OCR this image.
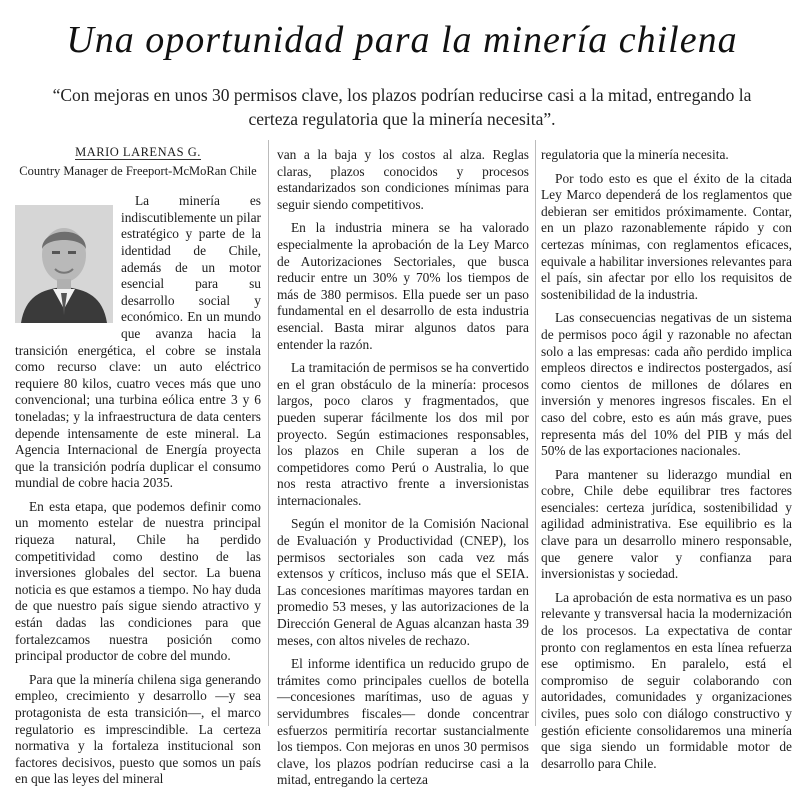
Una oportunidad para la minería chilena
“Con mejoras en unos 30 permisos clave, los plazos podrían reducirse casi a la mitad, entregando la certeza regulatoria que la minería necesita”.
MARIO LARENAS G.
Country Manager de Freeport-McMoRan Chile

La minería es indiscutiblemente un pilar estratégico y parte de la identidad de Chile, además de un motor esencial para su desarrollo social y económico. En un mundo que avanza hacia la transición energética, el cobre se instala como recurso clave: un auto eléctrico requiere 80 kilos, cuatro veces más que uno convencional; una turbina eólica entre 3 y 6 toneladas; y la infraestructura de data centers depende intensamente de este mineral. La Agencia Internacional de Energía proyecta que la transición podría duplicar el consumo mundial de cobre hacia 2035.

En esta etapa, que podemos definir como un momento estelar de nuestra principal riqueza natural, Chile ha perdido competitividad como destino de las inversiones globales del sector. La buena noticia es que estamos a tiempo. No hay duda de que nuestro país sigue siendo atractivo y están dadas las condiciones para que fortalezcamos nuestra posición como principal productor de cobre del mundo.

Para que la minería chilena siga generando empleo, crecimiento y desarrollo —y sea protagonista de esta transición—, el marco regulatorio es imprescindible. La certeza normativa y la fortaleza institucional son factores decisivos, puesto que somos un país en que las leyes del mineral

van a la baja y los costos al alza. Reglas claras, plazos conocidos y procesos estandarizados son condiciones mínimas para seguir siendo competitivos.

En la industria minera se ha valorado especialmente la aprobación de la Ley Marco de Autorizaciones Sectoriales, que busca reducir entre un 30% y 70% los tiempos de más de 380 permisos. Ella puede ser un paso fundamental en el desarrollo de esta industria esencial. Basta mirar algunos datos para entender la razón.

La tramitación de permisos se ha convertido en el gran obstáculo de la minería: procesos largos, poco claros y fragmentados, que pueden superar fácilmente los dos mil por proyecto. Según estimaciones responsables, los plazos en Chile superan a los de competidores como Perú o Australia, lo que nos resta atractivo frente a inversionistas internacionales.

Según el monitor de la Comisión Nacional de Evaluación y Productividad (CNEP), los permisos sectoriales son cada vez más extensos y críticos, incluso más que el SEIA. Las concesiones marítimas mayores tardan en promedio 53 meses, y las autorizaciones de la Dirección General de Aguas alcanzan hasta 39 meses, con altos niveles de rechazo.

El informe identifica un reducido grupo de trámites como principales cuellos de botella —concesiones marítimas, uso de aguas y servidumbres fiscales— donde concentrar esfuerzos permitiría recortar sustancialmente los tiempos. Con mejoras en unos 30 permisos clave, los plazos podrían reducirse casi a la mitad, entregando la certeza

regulatoria que la minería necesita.

Por todo esto es que el éxito de la citada Ley Marco dependerá de los reglamentos que debieran ser emitidos próximamente. Contar, en un plazo razonablemente rápido y con certezas mínimas, con reglamentos eficaces, equivale a habilitar inversiones relevantes para el país, sin afectar por ello los requisitos de sostenibilidad de la industria.

Las consecuencias negativas de un sistema de permisos poco ágil y razonable no afectan solo a las empresas: cada año perdido implica empleos directos e indirectos postergados, así como cientos de millones de dólares en inversión y menores ingresos fiscales. En el caso del cobre, esto es aún más grave, pues representa más del 10% del PIB y más del 50% de las exportaciones nacionales.

Para mantener su liderazgo mundial en cobre, Chile debe equilibrar tres factores esenciales: certeza jurídica, sostenibilidad y agilidad administrativa. Ese equilibrio es la clave para un desarrollo minero responsable, que genere valor y confianza para inversionistas y sociedad.

La aprobación de esta normativa es un paso relevante y transversal hacia la modernización de los procesos. La expectativa de contar pronto con reglamentos en esta línea refuerza ese optimismo. En paralelo, está el compromiso de seguir colaborando con autoridades, comunidades y organizaciones civiles, pues solo con diálogo constructivo y gestión eficiente consolidaremos una minería que siga siendo un formidable motor de desarrollo para Chile.
